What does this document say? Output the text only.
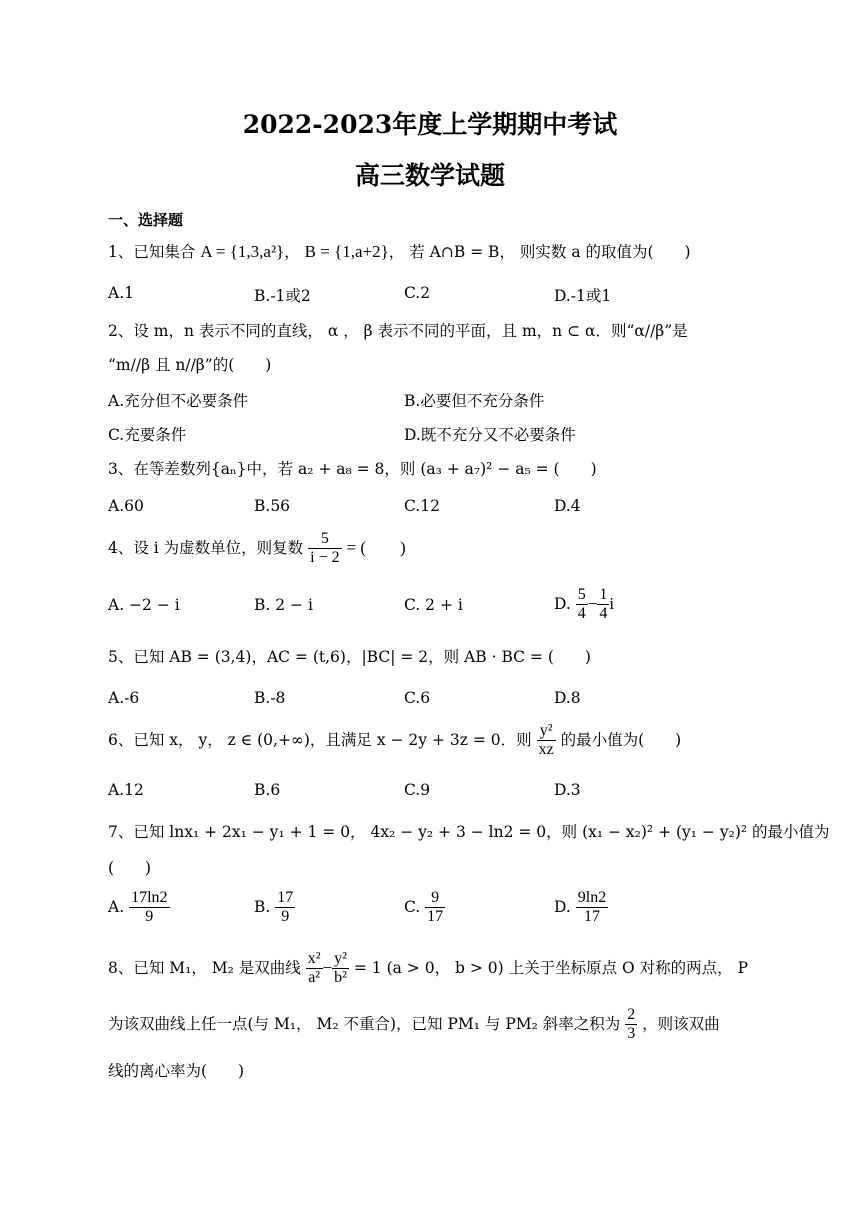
2022-2023年度上学期期中考试
高三数学试题
一、选择题
1、已知集合 A = {1,3,a²}， B = {1,a+2}， 若 A∩B = B， 则实数 a 的取值为(　　)
A.1	B.-1或2	C.2	D.-1或1
2、设 m，n 表示不同的直线， α ， β 表示不同的平面，且 m，n ⊂ α．则“α//β”是
“m//β 且 n//β”的(　　)
A.充分但不必要条件	B.必要但不充分条件
C.充要条件	D.既不充分又不必要条件
3、在等差数列{aₙ}中，若 a₂ + a₈ = 8，则 (a₃ + a₇)² − a₅ = (　　)
A.60	B.56	C.12	D.4
4、设 i 为虚数单位，则复数 $\frac{5}{i - 2}$ = (　　)
A. −2 − i	B. 2 − i	C. 2 + i	D. $\frac{5}{4} - \frac{1}{4}$ i
5、已知 AB = (3,4)，AC = (t,6)，|BC| = 2，则 AB · BC = (　　)
A.-6	B.-8	C.6	D.8
6、已知 x， y， z ∈ (0,+∞)，且满足 x − 2y + 3z = 0．则 $\frac{\text{y²}}{xz}$ 的最小值为(　　)
A.12	B.6	C.9	D.3
7、已知 lnx₁ + 2x₁ − y₁ + 1 = 0， 4x₂ − y₂ + 3 − ln2 = 0，则 (x₁ − x₂)² + (y₁ − y₂)² 的最小值为
(　　)
A. $\frac{17\ln 2}{9}$	B. $\frac{17}{9}$	C. $\frac{9}{17}$	D. $\frac{9\ln 2}{17}$
8、已知 M₁， M₂ 是双曲线 $\frac{\text{x²}}{\text{a²}} - \frac{\text{y²}}{\text{b²}} = 1$ (a > 0， b > 0) 上关于坐标原点 O 对称的两点， P
为该双曲线上任一点(与 M₁， M₂ 不重合)，已知 PM₁ 与 PM₂ 斜率之积为 $\frac{2}{3}$ ，则该双曲
线的离心率为(　　)
